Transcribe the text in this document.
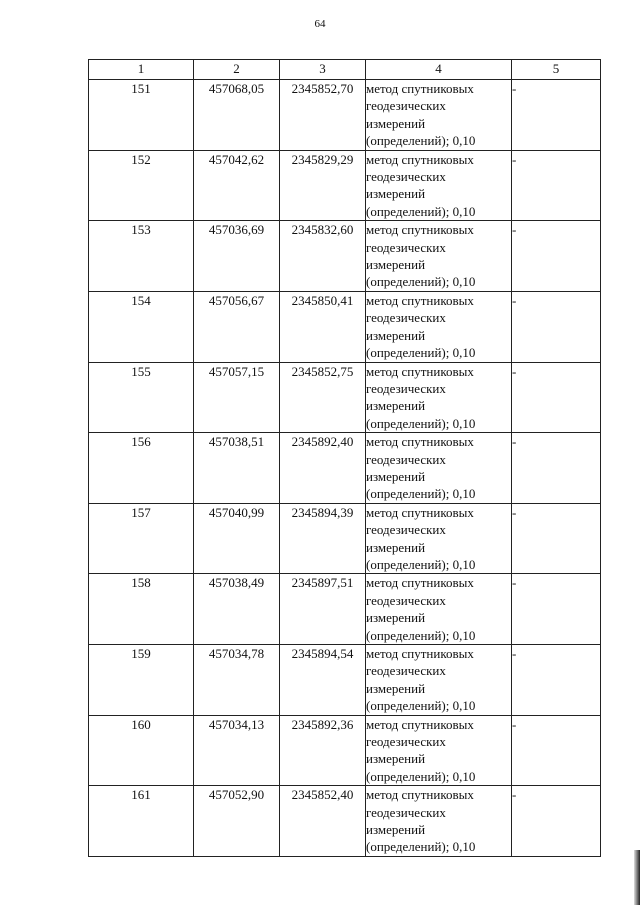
64
1	2	3	4	5
151	457068,05	2345852,70	метод спутниковых
геодезических
измерений
(определений); 0,10	-
152	457042,62	2345829,29	метод спутниковых
геодезических
измерений
(определений); 0,10	-
153	457036,69	2345832,60	метод спутниковых
геодезических
измерений
(определений); 0,10	-
154	457056,67	2345850,41	метод спутниковых
геодезических
измерений
(определений); 0,10	-
155	457057,15	2345852,75	метод спутниковых
геодезических
измерений
(определений); 0,10	-
156	457038,51	2345892,40	метод спутниковых
геодезических
измерений
(определений); 0,10	-
157	457040,99	2345894,39	метод спутниковых
геодезических
измерений
(определений); 0,10	-
158	457038,49	2345897,51	метод спутниковых
геодезических
измерений
(определений); 0,10	-
159	457034,78	2345894,54	метод спутниковых
геодезических
измерений
(определений); 0,10	-
160	457034,13	2345892,36	метод спутниковых
геодезических
измерений
(определений); 0,10	-
161	457052,90	2345852,40	метод спутниковых
геодезических
измерений
(определений); 0,10	-
